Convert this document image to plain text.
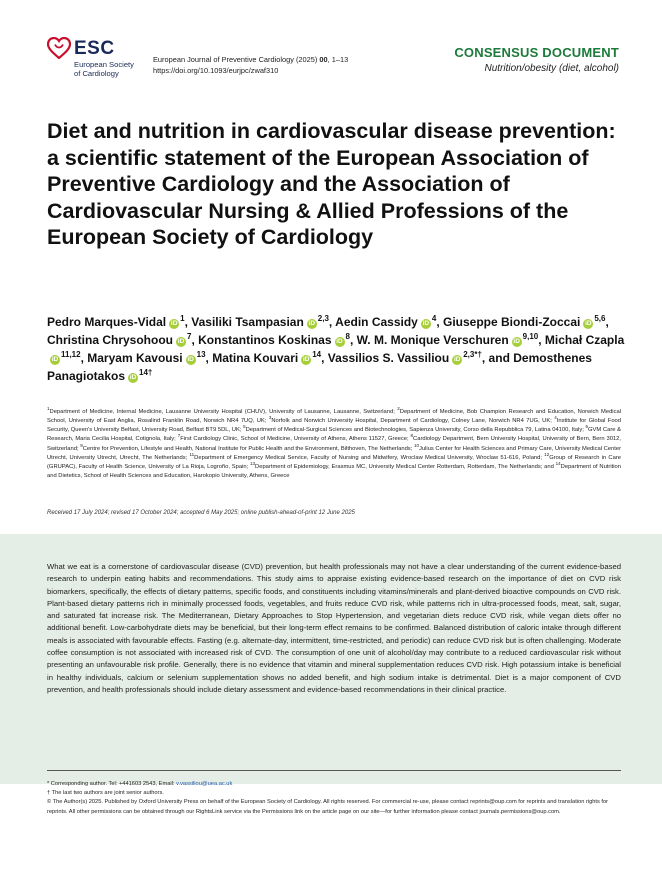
ESC
European Society
of Cardiology
European Journal of Preventive Cardiology (2025) 00, 1–13
https://doi.org/10.1093/eurjpc/zwaf310
CONSENSUS DOCUMENT
Nutrition/obesity (diet, alcohol)
Diet and nutrition in cardiovascular disease prevention: a scientific statement of the European Association of Preventive Cardiology and the Association of Cardiovascular Nursing & Allied Professions of the European Society of Cardiology
Pedro Marques-Vidal $iD^1$, Vasiliki Tsampasian iD$^{2,3}$, Aedin Cassidy $iD^4$, Giuseppe Biondi-Zoccai iD$^{5,6}$, Christina Chrysohoou $iD^7$, Konstantinos Koskinas $iD^8$, W. M. Monique Verschuren iD$^{9,10}$, Michał CzaplaiD$^{11,12}$, Maryam Kavousi $iD^{13}$, Matina Kouvari $iD^{14}$, Vassilios S. Vassiliou $iD^{2,3*\dagger}$, and Demosthenes Panagiotakos $iD^{14\dagger}$
$^1$Department of Medicine, Internal Medicine, Lausanne University Hospital (CHUV), University of Lausanne, Lausanne, Switzerland; $^2$Department of Medicine, Bob Champion Research and Education, Norwich Medical School, University of East Anglia, Rosalind Franklin Road, Norwich NR4 7UQ, UK; $^3$Norfolk and Norwich University Hospital, Department of Cardiology, Colney Lane, Norwich NR4 7UG, UK; $^4$Institute for Global Food Security, Queen's University Belfast, University Road, Belfast BT9 5DL, UK; $^5$Department of Medical-Surgical Sciences and Biotechnologies, Sapienza University, Corso della Repubblica 79, Latina 04100, Italy; $^6$GVM Care & Research, Maria Cecilia Hospital, Cotignola, Italy; $^7$First Cardiology Clinic, School of Medicine, University of Athens, Athens 11527, Greece; $^8$Cardiology Department, Bern University Hospital, University of Bern, Bern 3012, Switzerland; $^9$Centre for Prevention, Lifestyle and Health, National Institute for Public Health and the Environment, Bilthoven, The Netherlands; $^{10}$Julius Center for Health Sciences and Primary Care, University Medical Center Utrecht, University Utrecht, Utrecht, The Netherlands; $^{11}$Department of Emergency Medical Service, Faculty of Nursing and Midwifery, Wroclaw Medical University, Wroclaw 51-616, Poland; $^{12}$Group of Research in Care (GRUPAC), Faculty of Health Science, University of La Rioja, Logroño, Spain; $^{13}$Department of Epidemiology, Erasmus MC, University Medical Center Rotterdam, Rotterdam, The Netherlands; and $^{14}$Department of Nutrition and Dietetics, School of Health Sciences and Education, Harokopio University, Athens, Greece
Received 17 July 2024; revised 17 October 2024; accepted 6 May 2025; online publish-ahead-of-print 12 June 2025
What we eat is a cornerstone of cardiovascular disease (CVD) prevention, but health professionals may not have a clear understanding of the current evidence-based research to underpin eating habits and recommendations. This study aims to appraise existing evidence-based research on the importance of diet on CVD risk biomarkers, specifically, the effects of dietary patterns, specific foods, and constituents including vitamins/minerals and plant-derived bioactive compounds on CVD risk. Plant-based dietary patterns rich in minimally processed foods, vegetables, and fruits reduce CVD risk, while patterns rich in ultra-processed foods, meat, salt, sugar, and saturated fat increase risk. The Mediterranean, Dietary Approaches to Stop Hypertension, and vegetarian diets reduce CVD risk, while vegan diets offer no additional benefit. Low-carbohydrate diets may be beneficial, but their long-term effect remains to be confirmed. Balanced distribution of caloric intake through different meals is associated with favourable effects. Fasting (e.g. alternate-day, intermittent, time-restricted, and periodic) can reduce CVD risk but is often challenging. Moderate coffee consumption is not associated with increased risk of CVD. The consumption of one unit of alcohol/day may contribute to a reduced cardiovascular risk without presenting an unfavourable risk profile. Generally, there is no evidence that vitamin and mineral supplementation reduces CVD risk. High potassium intake is beneficial in healthy individuals, calcium or selenium supplementation shows no added benefit, and high sodium intake is detrimental. Diet is a major component of CVD prevention, and health professionals should include dietary assessment and evidence-based recommendations in their clinical practice.
* Corresponding author. Tel: +441603 2543, Email: v.vassiliou@uea.ac.uk
† The last two authors are joint senior authors.
© The Author(s) 2025. Published by Oxford University Press on behalf of the European Society of Cardiology. All rights reserved. For commercial re-use, please contact reprints@oup.com for reprints and translation rights for reprints. All other permissions can be obtained through our RightsLink service via the Permissions link on the article page on our site—for further information please contact journals.permissions@oup.com.
